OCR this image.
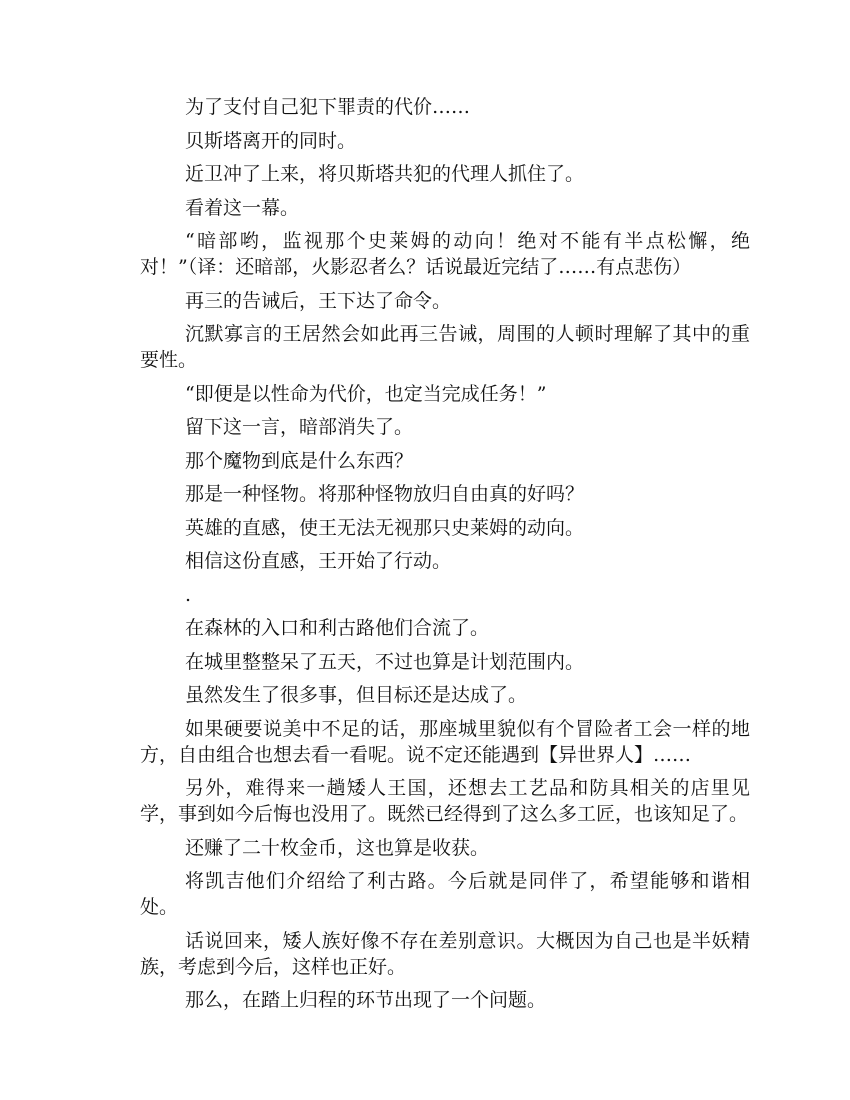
为了支付自己犯下罪责的代价……

贝斯塔离开的同时。

近卫冲了上来，将贝斯塔共犯的代理人抓住了。

看着这一幕。

“暗部哟，监视那个史莱姆的动向！绝对不能有半点松懈，绝对！”（译：还暗部，火影忍者么？话说最近完结了……有点悲伤）

再三的告诫后，王下达了命令。

沉默寡言的王居然会如此再三告诫，周围的人顿时理解了其中的重要性。

“即便是以性命为代价，也定当完成任务！”

留下这一言，暗部消失了。

那个魔物到底是什么东西？

那是一种怪物。将那种怪物放归自由真的好吗？

英雄的直感，使王无法无视那只史莱姆的动向。

相信这份直感，王开始了行动。

.

在森林的入口和利古路他们合流了。

在城里整整呆了五天，不过也算是计划范围内。

虽然发生了很多事，但目标还是达成了。

如果硬要说美中不足的话，那座城里貌似有个冒险者工会一样的地方，自由组合也想去看一看呢。说不定还能遇到【异世界人】……

另外，难得来一趟矮人王国，还想去工艺品和防具相关的店里见学，事到如今后悔也没用了。既然已经得到了这么多工匠，也该知足了。

还赚了二十枚金币，这也算是收获。

将凯吉他们介绍给了利古路。今后就是同伴了，希望能够和谐相处。

话说回来，矮人族好像不存在差别意识。大概因为自己也是半妖精族，考虑到今后，这样也正好。

那么，在踏上归程的环节出现了一个问题。
